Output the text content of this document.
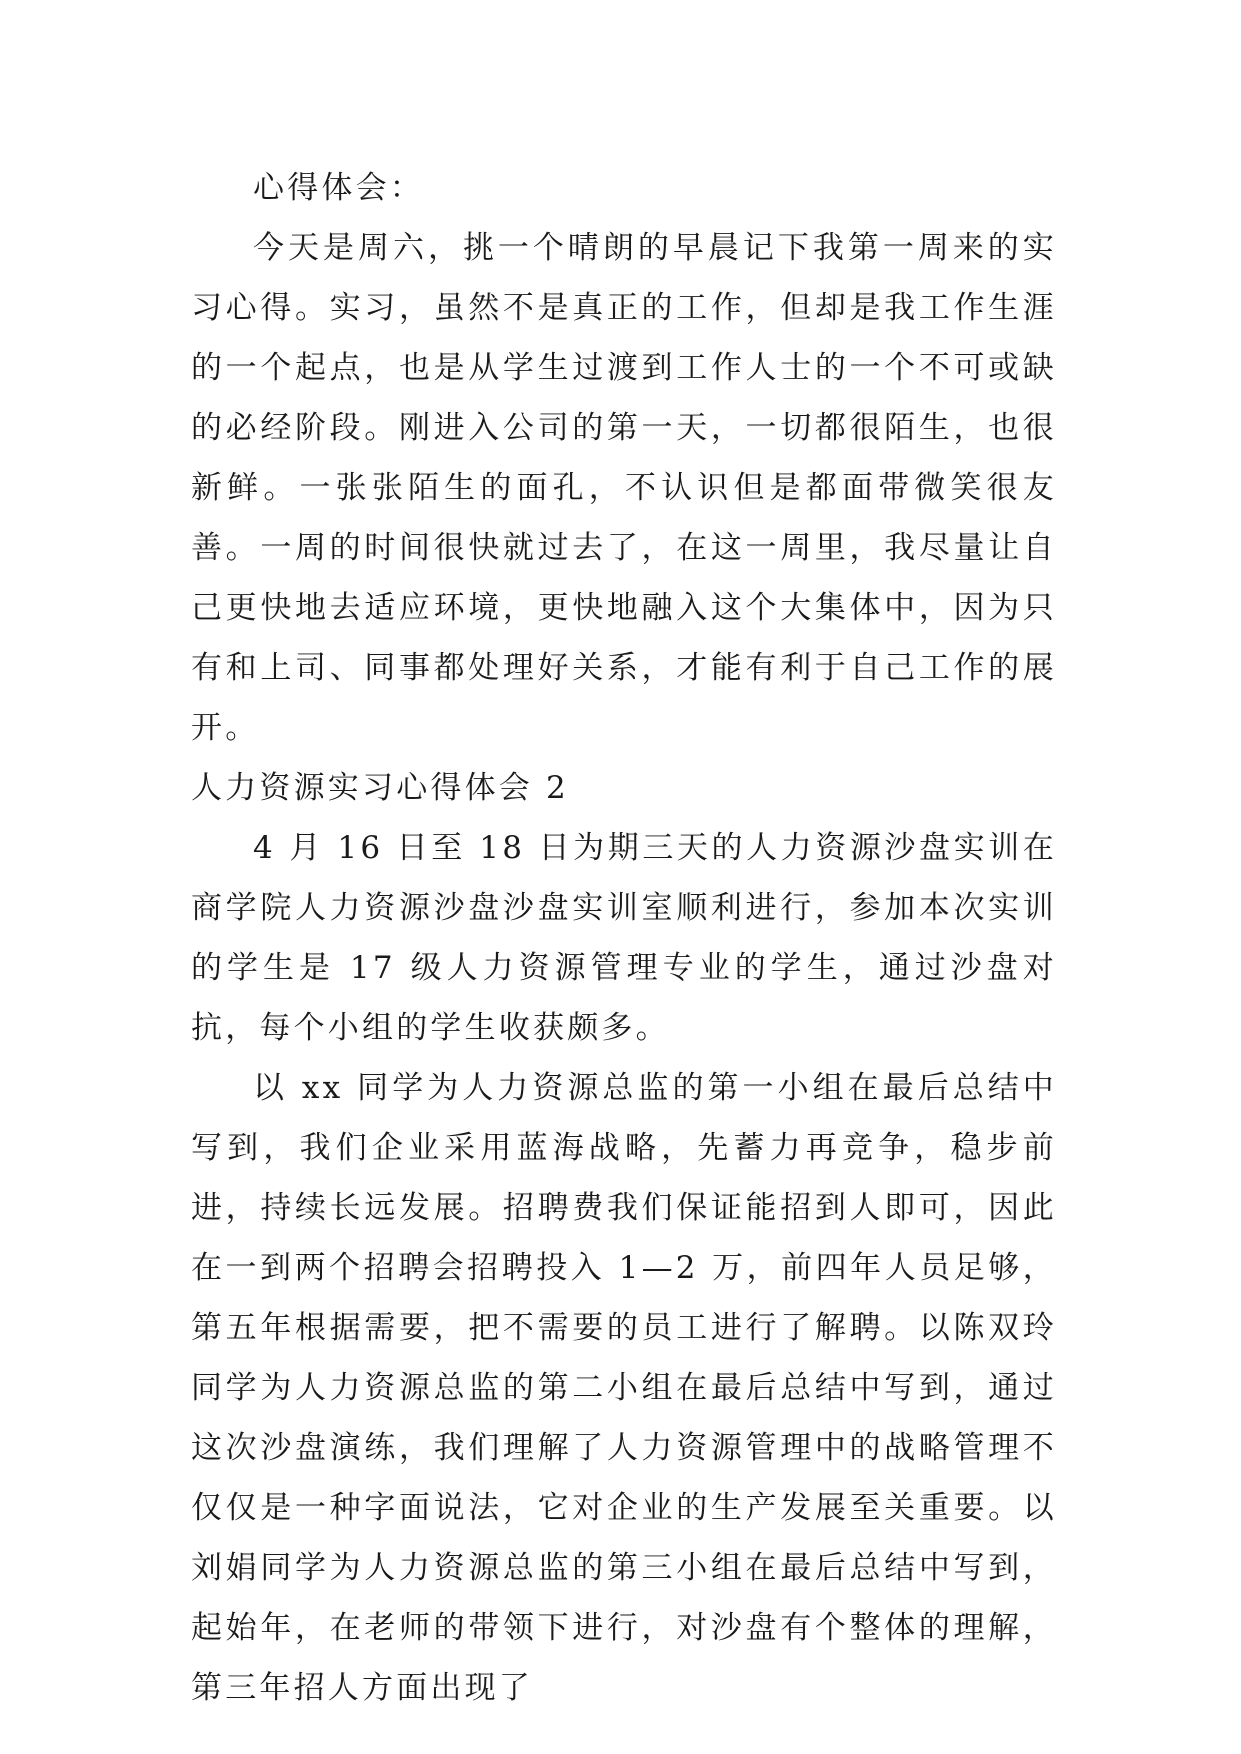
心得体会：

今天是周六，挑一个晴朗的早晨记下我第一周来的实习心得。实习，虽然不是真正的工作，但却是我工作生涯的一个起点，也是从学生过渡到工作人士的一个不可或缺的必经阶段。刚进入公司的第一天，一切都很陌生，也很新鲜。一张张陌生的面孔，不认识但是都面带微笑很友善。一周的时间很快就过去了，在这一周里，我尽量让自己更快地去适应环境，更快地融入这个大集体中，因为只有和上司、同事都处理好关系，才能有利于自己工作的展开。

人力资源实习心得体会 2

4 月 16 日至 18 日为期三天的人力资源沙盘实训在商学院人力资源沙盘沙盘实训室顺利进行，参加本次实训的学生是 17 级人力资源管理专业的学生，通过沙盘对抗，每个小组的学生收获颇多。

以 xx 同学为人力资源总监的第一小组在最后总结中写到，我们企业采用蓝海战略，先蓄力再竞争，稳步前进，持续长远发展。招聘费我们保证能招到人即可，因此在一到两个招聘会招聘投入 1—2 万，前四年人员足够，第五年根据需要，把不需要的员工进行了解聘。以陈双玲同学为人力资源总监的第二小组在最后总结中写到，通过这次沙盘演练，我们理解了人力资源管理中的战略管理不仅仅是一种字面说法，它对企业的生产发展至关重要。以刘娟同学为人力资源总监的第三小组在最后总结中写到，起始年，在老师的带领下进行，对沙盘有个整体的理解，第三年招人方面出现了
